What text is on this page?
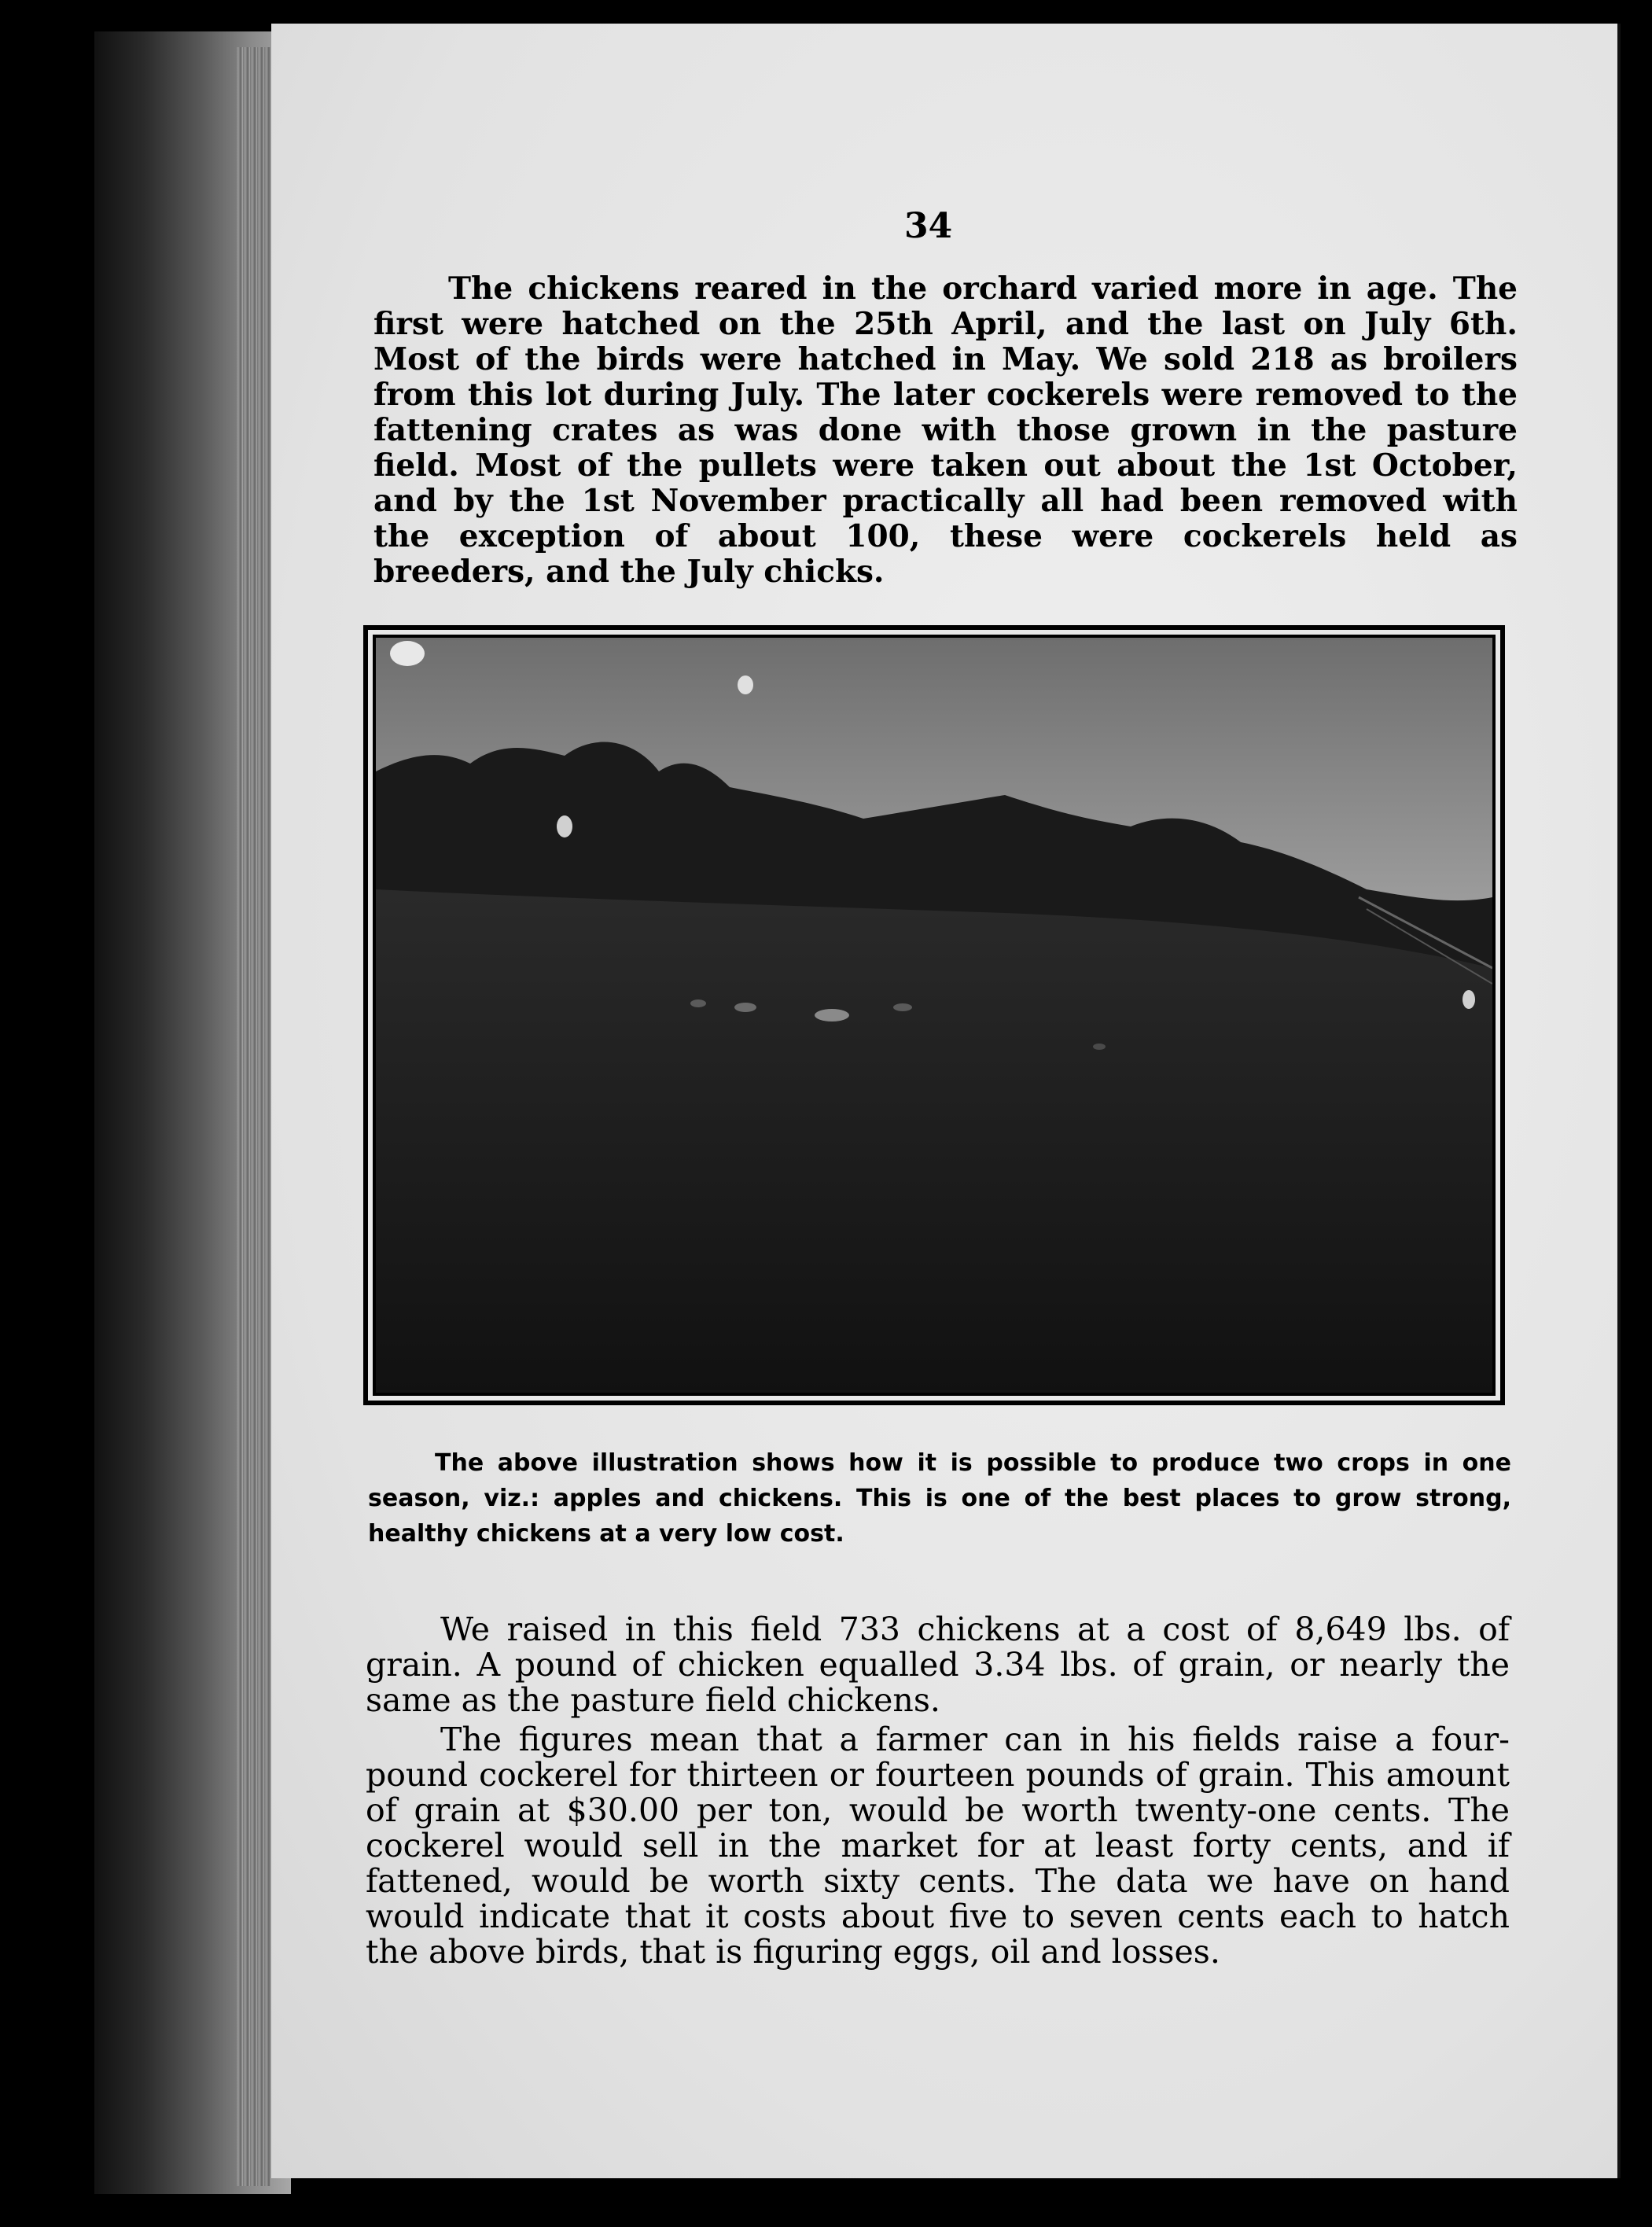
34

The chickens reared in the orchard varied more in age. The first were hatched on the 25th April, and the last on July 6th. Most of the birds were hatched in May. We sold 218 as broilers from this lot during July. The later cockerels were removed to the fattening crates as was done with those grown in the pasture field. Most of the pullets were taken out about the 1st October, and by the 1st November practically all had been removed with the exception of about 100, these were cockerels held as breeders, and the July chicks.

The above illustration shows how it is possible to produce two crops in one season, viz.: apples and chickens. This is one of the best places to grow strong, healthy chickens at a very low cost.

We raised in this field 733 chickens at a cost of 8,649 lbs. of grain. A pound of chicken equalled 3.34 lbs. of grain, or nearly the same as the pasture field chickens.

The figures mean that a farmer can in his fields raise a four-pound cockerel for thirteen or fourteen pounds of grain. This amount of grain at $30.00 per ton, would be worth twenty-one cents. The cockerel would sell in the market for at least forty cents, and if fattened, would be worth sixty cents. The data we have on hand would indicate that it costs about five to seven cents each to hatch the above birds, that is figuring eggs, oil and losses.
